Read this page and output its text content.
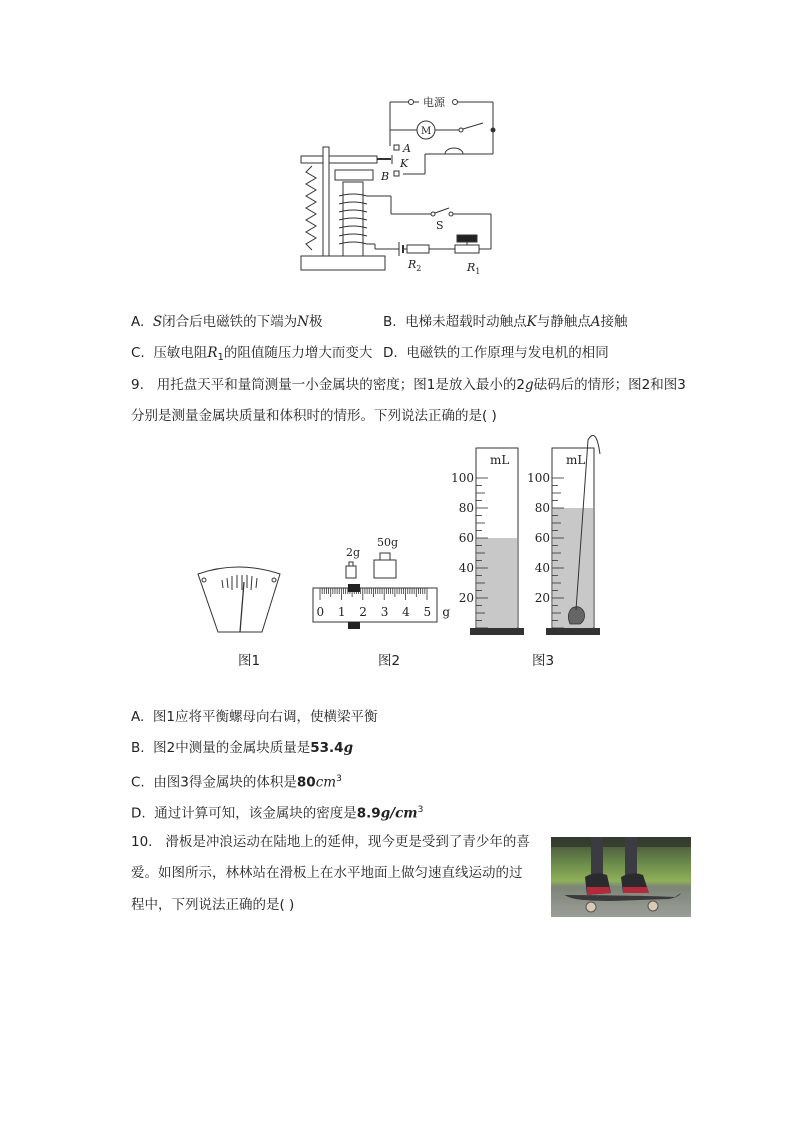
电源
M
A
K
B
S
$R_2$	$R_1$
A. S闭合后电磁铁的下端为N极	B. 电梯未超载时动触点K与静触点A接触
C. 压敏电阻$R_1$的阻值随压力增大而变大 D. 电磁铁的工作原理与发电机的相同
9. 用托盘天平和量筒测量一小金属块的密度；图1是放入最小的2g砝码后的情形；图2和图3
分别是测量金属块质量和体积时的情形。下列说法正确的是( )
图1
2g
50g
0 1 2 3 4 5 g
图2
100
80
60
40
20
mL
100
80
60
40
20
mL
图3
A. 图1应将平衡螺母向右调，使横梁平衡
B. 图2中测量的金属块质量是53.4g
C. 由图3得金属块的体积是$80cm^3$
D. 通过计算可知，该金属块的密度是$8.9g/cm^3$
10. 滑板是冲浪运动在陆地上的延伸，现今更是受到了青少年的喜
爱。如图所示，林林站在滑板上在水平地面上做匀速直线运动的过
程中，下列说法正确的是( )
